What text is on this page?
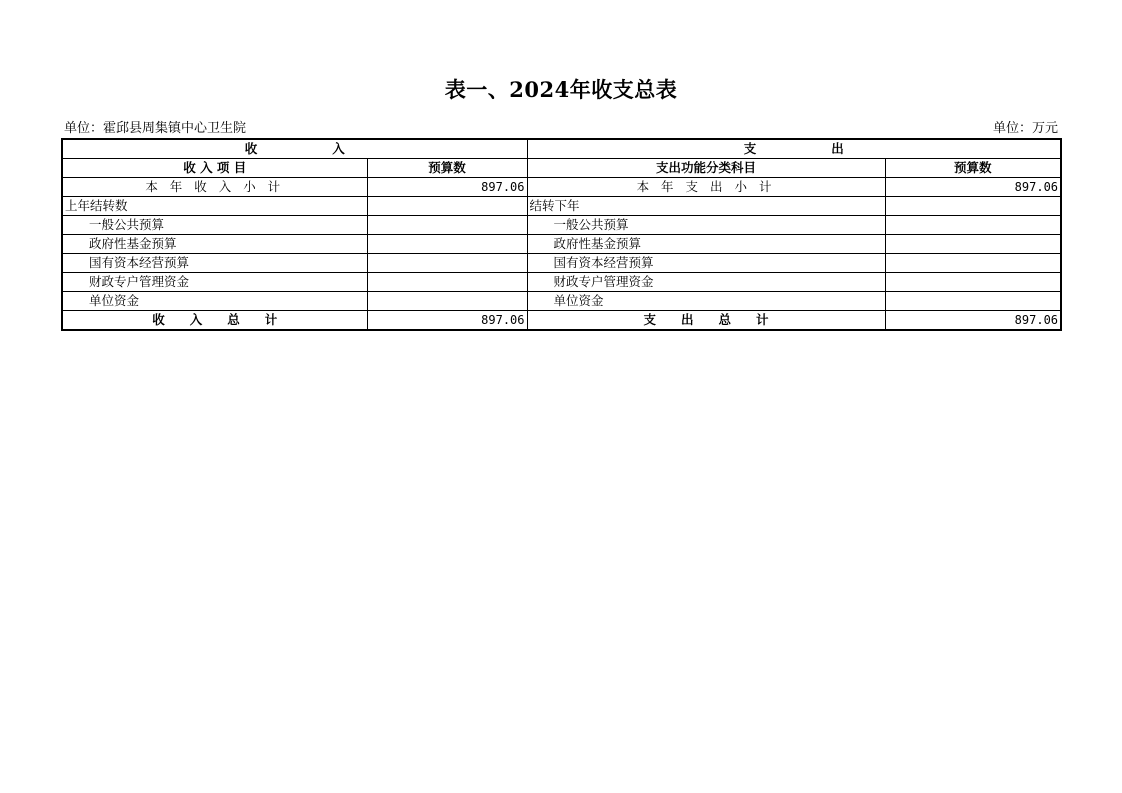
表一、2024年收支总表
单位：霍邱县周集镇中心卫生院	单位：万元
收　　　　　　入		支　　　　　　出	
收 入 项 目	预算数	支出功能分类科目	预算数
本 年 收 入 小 计	897.06	本 年 支 出 小 计	897.06
上年结转数		结转下年	
一般公共预算		一般公共预算	
政府性基金预算		政府性基金预算	
国有资本经营预算		国有资本经营预算	
财政专户管理资金		财政专户管理资金	
单位资金		单位资金	
收　　入　　总　　计	897.06	支　　出　　总　　计	897.06
